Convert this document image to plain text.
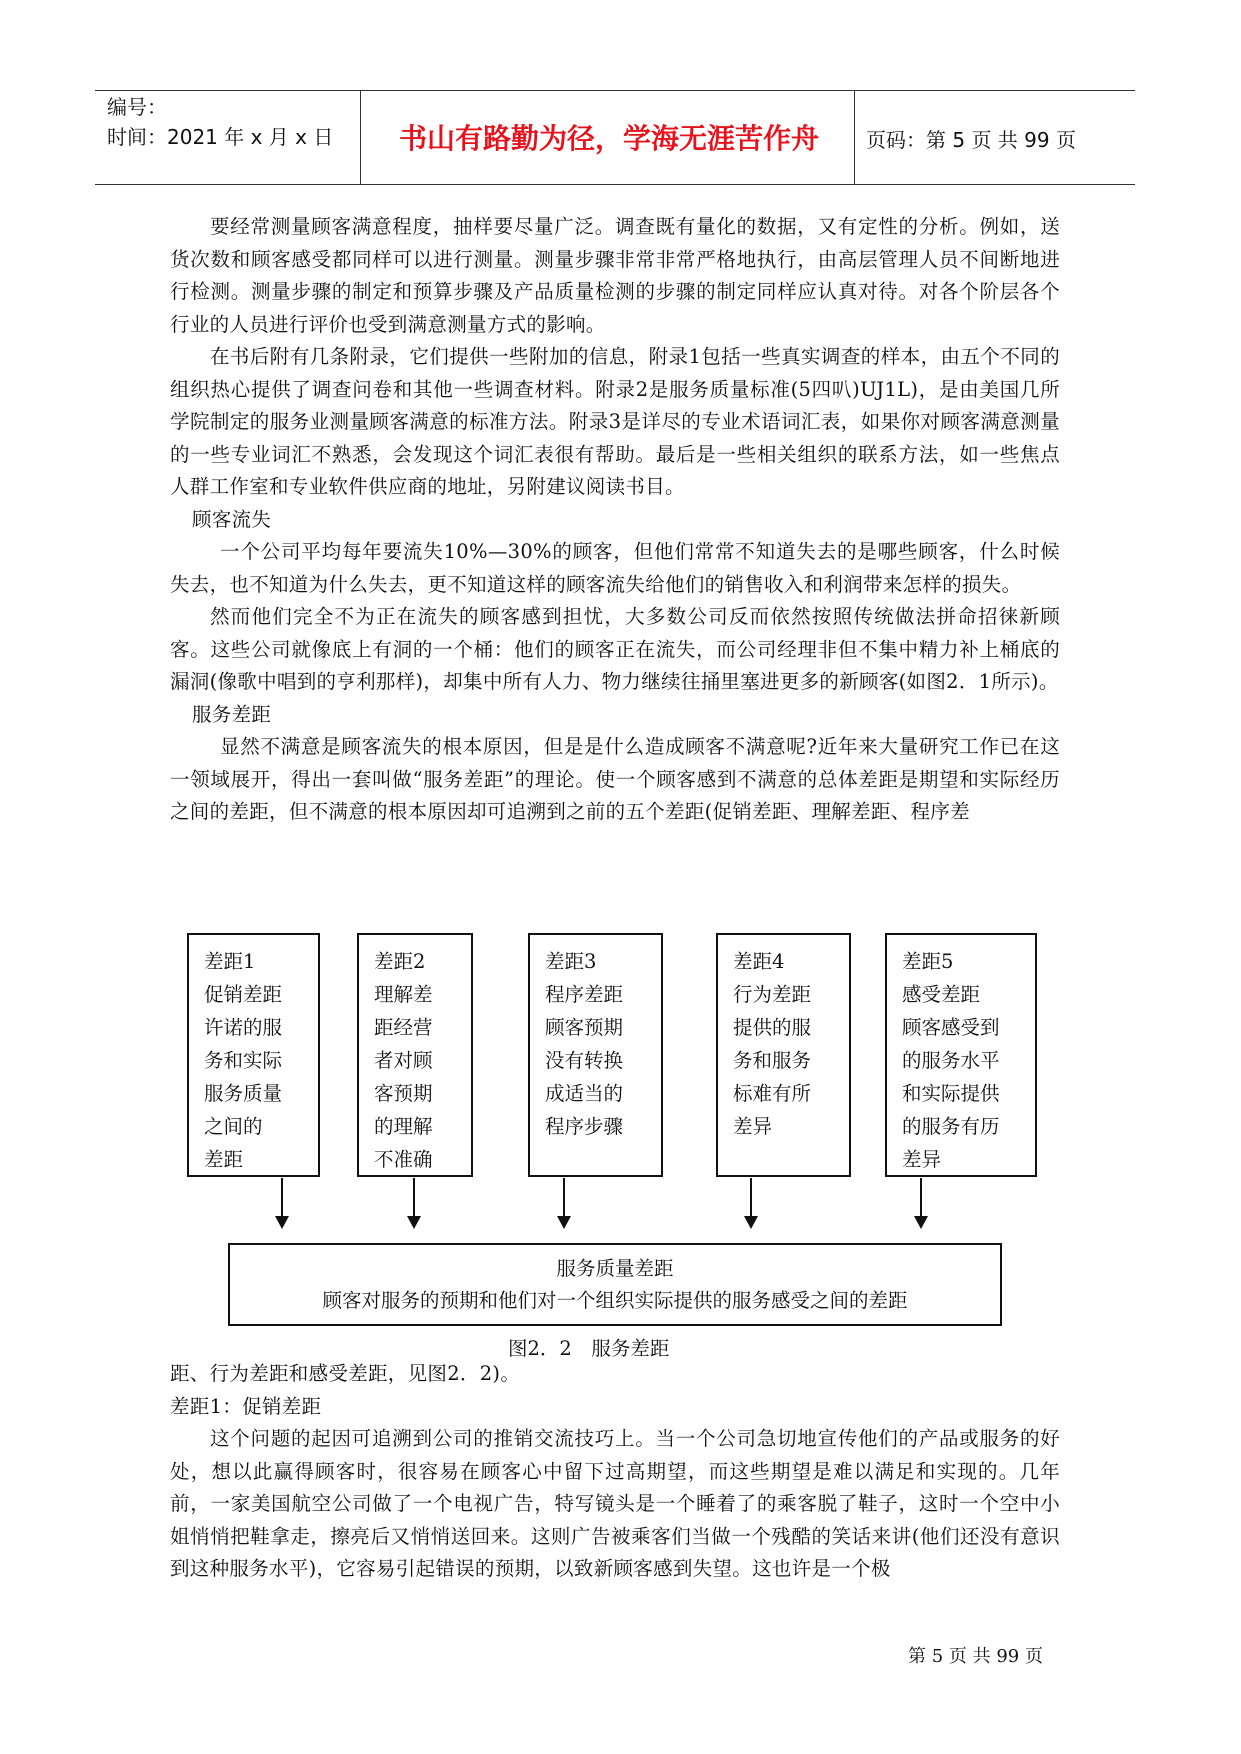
编号：
时间：2021 年 x 月 x 日	书山有路勤为径，学海无涯苦作舟	页码：第 5 页 共 99 页

要经常测量顾客满意程度，抽样要尽量广泛。调查既有量化的数据，又有定性的分析。例如，送货次数和顾客感受都同样可以进行测量。测量步骤非常非常严格地执行，由高层管理人员不间断地进行检测。测量步骤的制定和预算步骤及产品质量检测的步骤的制定同样应认真对待。对各个阶层各个行业的人员进行评价也受到满意测量方式的影响。

在书后附有几条附录，它们提供一些附加的信息，附录1包括一些真实调查的样本，由五个不同的组织热心提供了调查问卷和其他一些调查材料。附录2是服务质量标准(5四叭)UJ1L)，是由美国几所学院制定的服务业测量顾客满意的标准方法。附录3是详尽的专业术语词汇表，如果你对顾客满意测量的一些专业词汇不熟悉，会发现这个词汇表很有帮助。最后是一些相关组织的联系方法，如一些焦点人群工作室和专业软件供应商的地址，另附建议阅读书目。

顾客流失

一个公司平均每年要流失10%—30%的顾客，但他们常常不知道失去的是哪些顾客，什么时候失去，也不知道为什么失去，更不知道这样的顾客流失给他们的销售收入和利润带来怎样的损失。

然而他们完全不为正在流失的顾客感到担忧，大多数公司反而依然按照传统做法拼命招徕新顾客。这些公司就像底上有洞的一个桶：他们的顾客正在流失，而公司经理非但不集中精力补上桶底的漏洞(像歌中唱到的亨利那样)，却集中所有人力、物力继续往捅里塞进更多的新顾客(如图2．1所示)。

服务差距

显然不满意是顾客流失的根本原因，但是是什么造成顾客不满意呢?近年来大量研究工作已在这一领域展开，得出一套叫做“服务差距”的理论。使一个顾客感到不满意的总体差距是期望和实际经历之间的差距，但不满意的根本原因却可追溯到之前的五个差距(促销差距、理解差距、程序差

差距1
促销差距
许诺的服
务和实际
服务质量
之间的
差距
差距2
理解差
距经营
者对顾
客预期
的理解
不准确
差距3
程序差距
顾客预期
没有转换
成适当的
程序步骤
差距4
行为差距
提供的服
务和服务
标难有所
差异
差距5
感受差距
顾客感受到
的服务水平
和实际提供
的服务有历
差异
服务质量差距
顾客对服务的预期和他们对一个组织实际提供的服务感受之间的差距
图2．2　服务差距

距、行为差距和感受差距，见图2．2)。

差距1：促销差距

这个问题的起因可追溯到公司的推销交流技巧上。当一个公司急切地宣传他们的产品或服务的好处，想以此赢得顾客时，很容易在顾客心中留下过高期望，而这些期望是难以满足和实现的。几年前，一家美国航空公司做了一个电视广告，特写镜头是一个睡着了的乘客脱了鞋子，这时一个空中小姐悄悄把鞋拿走，擦亮后又悄悄送回来。这则广告被乘客们当做一个残酷的笑话来讲(他们还没有意识到这种服务水平)，它容易引起错误的预期，以致新顾客感到失望。这也许是一个极

第 5 页 共 99 页
